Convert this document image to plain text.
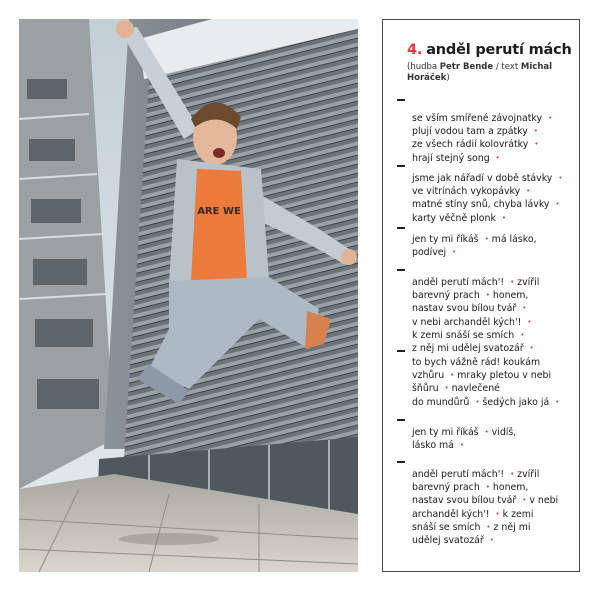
ARE WE
4. anděl perutí mách
(hudba Petr Bende / text Michal Horáček)
se vším smířené závojnatky •
plují vodou tam a zpátky •
ze všech rádií kolovrátky •
hrají stejný song •
jsme jak nářadí v době stávky •
ve vitrínách vykopávky •
matné stíny snů, chyba lávky •
karty věčně plonk •
jen ty mi říkáš • má lásko,
podívej •
anděl perutí mách'! • zvířil
barevný prach • honem,
nastav svou bílou tvář •
v nebi archanděl kých'! •
k zemi snáší se smích •
z něj mi udělej svatozář •
to bych vážně rád! koukám
vzhůru • mraky pletou v nebi
šňůru • navlečené
do mundůrů • šedých jako já •
jen ty mi říkáš • vidíš,
lásko má •
anděl perutí mách'! • zvířil
barevný prach • honem,
nastav svou bílou tvář • v nebi
archanděl kých'! • k zemi
snáší se smích • z něj mi
udělej svatozář •
